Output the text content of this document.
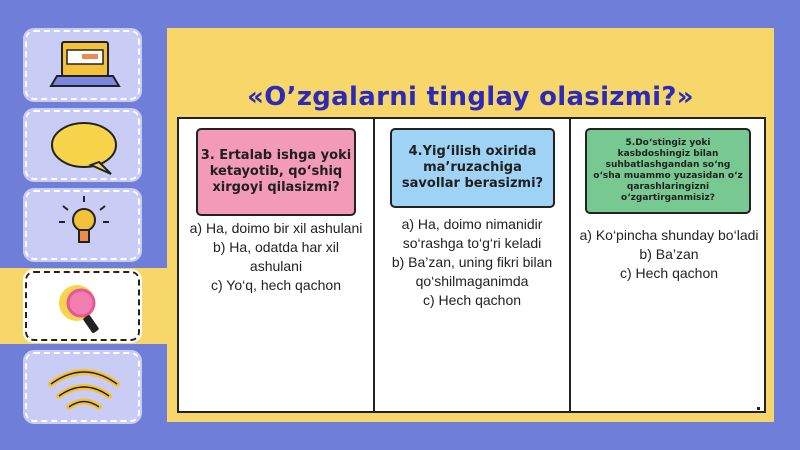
«O’zgalarni tinglay olasizmi?»
3. Ertalab ishga yoki ketayotib, qo‘shiq xirgoyi qilasizmi?
a) Ha, doimo bir xil ashulani
b) Ha, odatda har xil ashulani
c) Yo‘q, hech qachon
4.Yig‘ilish oxirida ma’ruzachiga savollar berasizmi?
a) Ha, doimo nimanidir so‘rashga to‘g‘ri keladi
b) Ba’zan, uning fikri bilan qo‘shilmaganimda
c) Hech qachon
5.Do‘stingiz yoki kasbdoshingiz bilan suhbatlashgandan so‘ng o‘sha muammo yuzasidan o‘z qarashlaringizni o‘zgartirganmisiz?
a) Ko‘pincha shunday bo‘ladi
b) Ba’zan
c) Hech qachon
